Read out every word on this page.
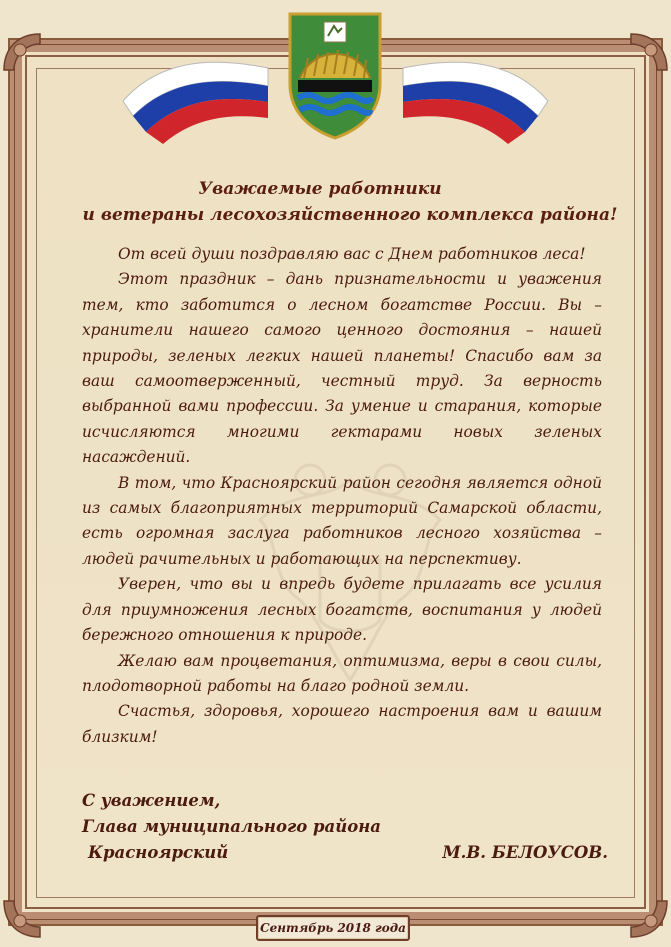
Уважаемые работники
и ветераны лесохозяйственного комплекса района!

От всей души поздравляю вас с Днем работников леса!

Этот праздник – дань признательности и уважения тем, кто заботится о лесном богатстве России. Вы – хранители нашего самого ценного достояния – нашей природы, зеленых легких нашей планеты! Спасибо вам за ваш самоотверженный, честный труд. За верность выбранной вами профессии. За умение и старания, которые исчисляются многими гектарами новых зеленых насаждений.

В том, что Красноярский район сегодня является одной из самых благоприятных территорий Самарской области, есть огромная заслуга работников лесного хозяйства – людей рачительных и работающих на перспективу.

Уверен, что вы и впредь будете прилагать все усилия для приумножения лесных богатств, воспитания у людей бережного отношения к природе.

Желаю вам процветания, оптимизма, веры в свои силы, плодотворной работы на благо родной земли.

Счастья, здоровья, хорошего настроения вам и вашим близким!

С уважением,
Глава муниципального района
Красноярский	М.В. БЕЛОУСОВ.
Сентябрь 2018 года
